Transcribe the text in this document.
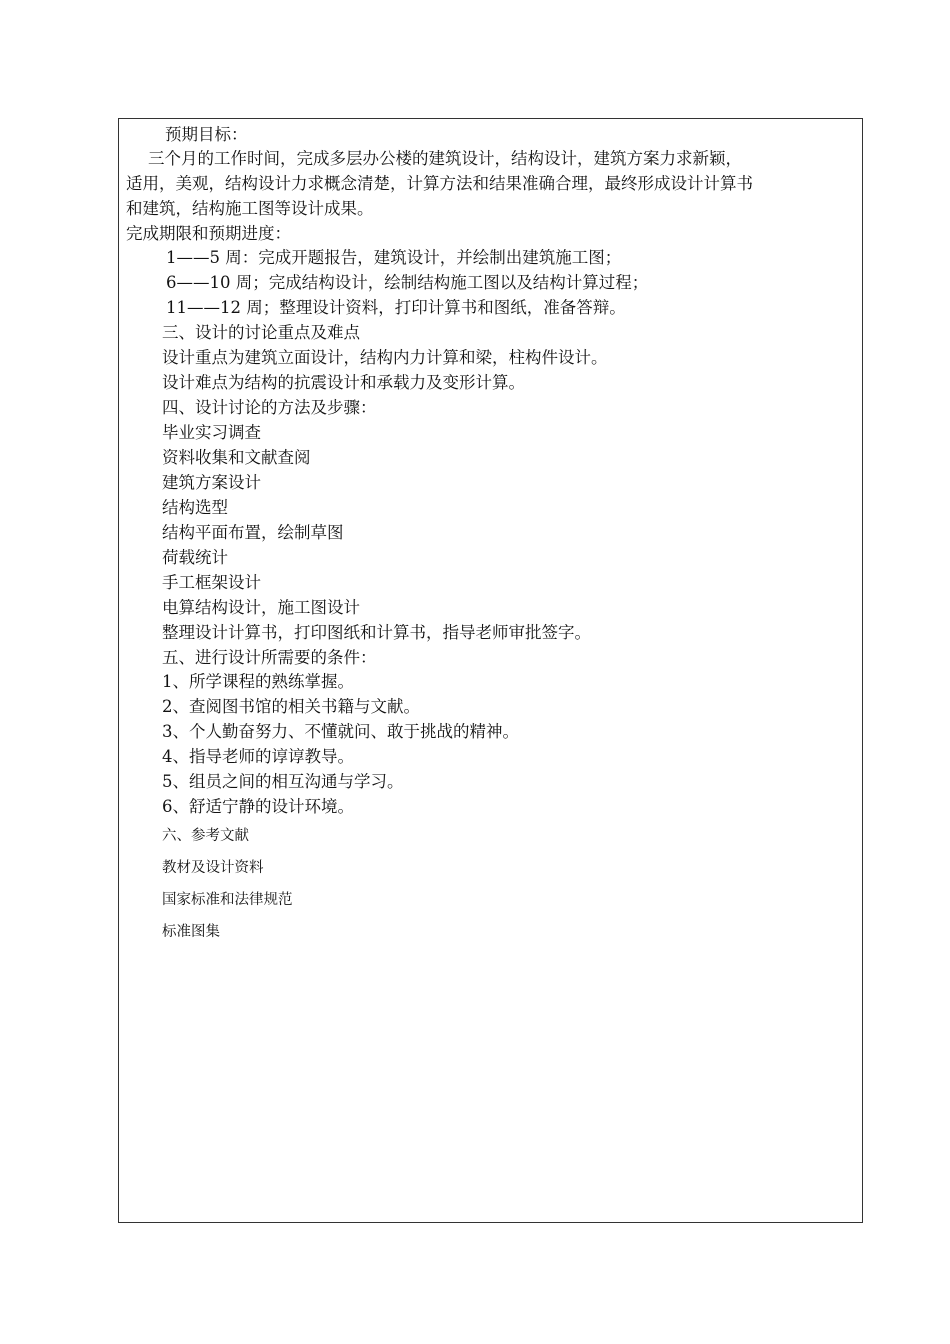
预期目标：
三个月的工作时间，完成多层办公楼的建筑设计，结构设计，建筑方案力求新颖，
适用，美观，结构设计力求概念清楚，计算方法和结果准确合理，最终形成设计计算书
和建筑，结构施工图等设计成果。
完成期限和预期进度：
1——5 周：完成开题报告，建筑设计，并绘制出建筑施工图；
6——10 周；完成结构设计，绘制结构施工图以及结构计算过程；
11——12 周；整理设计资料，打印计算书和图纸，准备答辩。
三、设计的讨论重点及难点
设计重点为建筑立面设计，结构内力计算和梁，柱构件设计。
设计难点为结构的抗震设计和承载力及变形计算。
四、设计讨论的方法及步骤：
毕业实习调查
资料收集和文献查阅
建筑方案设计
结构选型
结构平面布置，绘制草图
荷载统计
手工框架设计
电算结构设计，施工图设计
整理设计计算书，打印图纸和计算书，指导老师审批签字。
五、进行设计所需要的条件：
1、所学课程的熟练掌握。
2、查阅图书馆的相关书籍与文献。
3、个人勤奋努力、不懂就问、敢于挑战的精神。
4、指导老师的谆谆教导。
5、组员之间的相互沟通与学习。
6、舒适宁静的设计环境。
六、参考文献
教材及设计资料
国家标准和法律规范
标准图集
